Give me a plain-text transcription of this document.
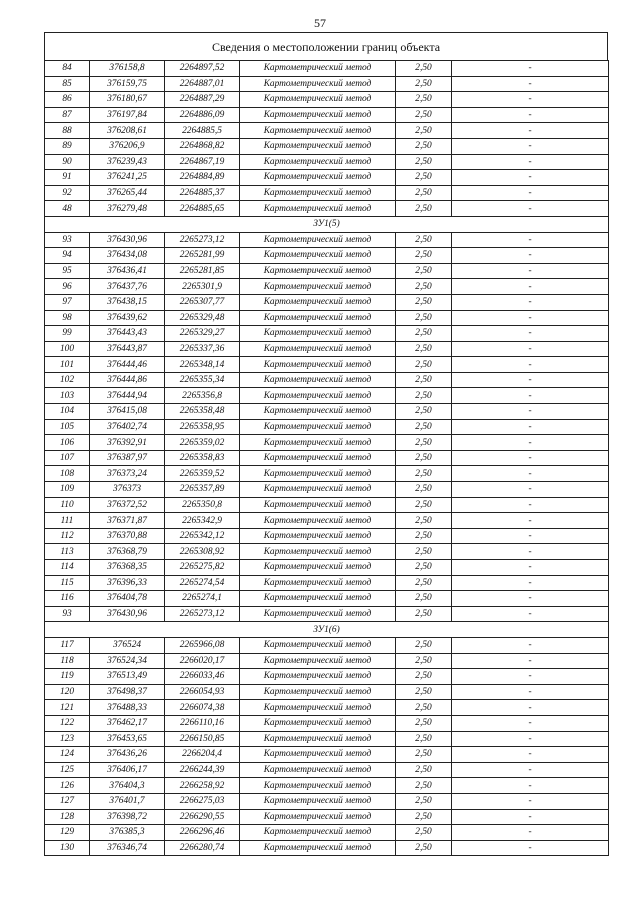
57
Сведения о местоположении границ объекта
84	376158,8	2264897,52	Картометрический метод	2,50	-
85	376159,75	2264887,01	Картометрический метод	2,50	-
86	376180,67	2264887,29	Картометрический метод	2,50	-
87	376197,84	2264886,09	Картометрический метод	2,50	-
88	376208,61	2264885,5	Картометрический метод	2,50	-
89	376206,9	2264868,82	Картометрический метод	2,50	-
90	376239,43	2264867,19	Картометрический метод	2,50	-
91	376241,25	2264884,89	Картометрический метод	2,50	-
92	376265,44	2264885,37	Картометрический метод	2,50	-
48	376279,48	2264885,65	Картометрический метод	2,50	-
ЗУ1(5)					
93	376430,96	2265273,12	Картометрический метод	2,50	-
94	376434,08	2265281,99	Картометрический метод	2,50	-
95	376436,41	2265281,85	Картометрический метод	2,50	-
96	376437,76	2265301,9	Картометрический метод	2,50	-
97	376438,15	2265307,77	Картометрический метод	2,50	-
98	376439,62	2265329,48	Картометрический метод	2,50	-
99	376443,43	2265329,27	Картометрический метод	2,50	-
100	376443,87	2265337,36	Картометрический метод	2,50	-
101	376444,46	2265348,14	Картометрический метод	2,50	-
102	376444,86	2265355,34	Картометрический метод	2,50	-
103	376444,94	2265356,8	Картометрический метод	2,50	-
104	376415,08	2265358,48	Картометрический метод	2,50	-
105	376402,74	2265358,95	Картометрический метод	2,50	-
106	376392,91	2265359,02	Картометрический метод	2,50	-
107	376387,97	2265358,83	Картометрический метод	2,50	-
108	376373,24	2265359,52	Картометрический метод	2,50	-
109	376373	2265357,89	Картометрический метод	2,50	-
110	376372,52	2265350,8	Картометрический метод	2,50	-
111	376371,87	2265342,9	Картометрический метод	2,50	-
112	376370,88	2265342,12	Картометрический метод	2,50	-
113	376368,79	2265308,92	Картометрический метод	2,50	-
114	376368,35	2265275,82	Картометрический метод	2,50	-
115	376396,33	2265274,54	Картометрический метод	2,50	-
116	376404,78	2265274,1	Картометрический метод	2,50	-
93	376430,96	2265273,12	Картометрический метод	2,50	-
ЗУ1(6)					
117	376524	2265966,08	Картометрический метод	2,50	-
118	376524,34	2266020,17	Картометрический метод	2,50	-
119	376513,49	2266033,46	Картометрический метод	2,50	-
120	376498,37	2266054,93	Картометрический метод	2,50	-
121	376488,33	2266074,38	Картометрический метод	2,50	-
122	376462,17	2266110,16	Картометрический метод	2,50	-
123	376453,65	2266150,85	Картометрический метод	2,50	-
124	376436,26	2266204,4	Картометрический метод	2,50	-
125	376406,17	2266244,39	Картометрический метод	2,50	-
126	376404,3	2266258,92	Картометрический метод	2,50	-
127	376401,7	2266275,03	Картометрический метод	2,50	-
128	376398,72	2266290,55	Картометрический метод	2,50	-
129	376385,3	2266296,46	Картометрический метод	2,50	-
130	376346,74	2266280,74	Картометрический метод	2,50	-
